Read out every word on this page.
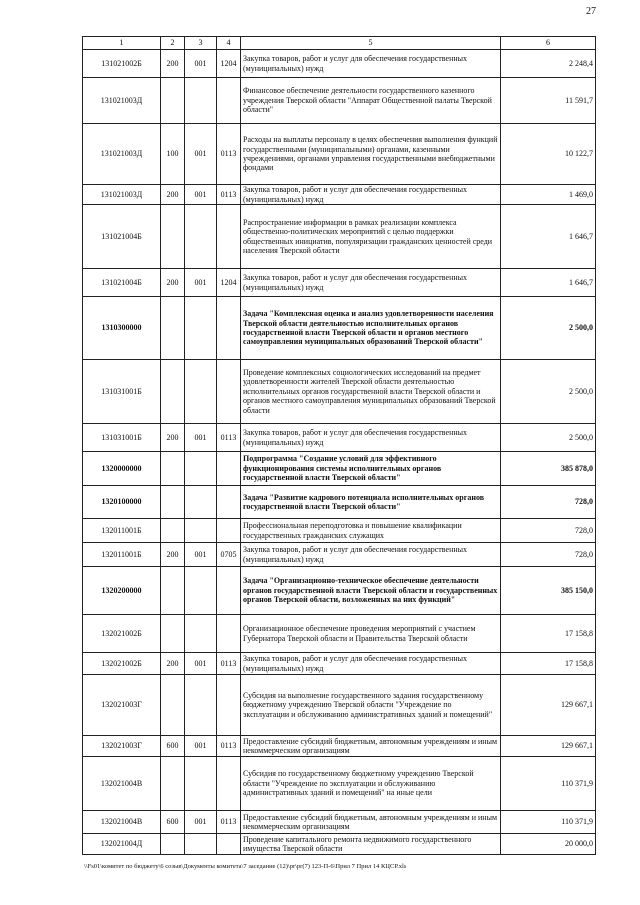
27
1	2	3	4	5	6
131021002Б	200	001	1204	Закупка товаров, работ и услуг для обеспечения государственных (муниципальных) нужд	2 248,4
131021003Д				Финансовое обеспечение деятельности государственного казенного учреждения Тверской области "Аппарат Общественной палаты Тверской области"	11 591,7
131021003Д	100	001	0113	Расходы на выплаты персоналу в целях обеспечения выполнения функций государственными (муниципальными) органами, казенными учреждениями, органами управления государственными внебюджетными фондами	10 122,7
131021003Д	200	001	0113	Закупка товаров, работ и услуг для обеспечения государственных (муниципальных) нужд	1 469,0
131021004Б				Распространение информации в рамках реализации комплекса общественно-политических мероприятий с целью поддержки общественных инициатив, популяризации гражданских ценностей среди населения Тверской области	1 646,7
131021004Б	200	001	1204	Закупка товаров, работ и услуг для обеспечения государственных (муниципальных) нужд	1 646,7
1310300000				Задача "Комплексная оценка и анализ удовлетворенности населения Тверской области деятельностью исполнительных органов государственной власти Тверской области и органов местного самоуправления муниципальных образований Тверской области"	2 500,0
131031001Б				Проведение комплексных социологических исследований на предмет удовлетворенности жителей Тверской области деятельностью исполнительных органов государственной власти Тверской области и органов местного самоуправления муниципальных образований Тверской области	2 500,0
131031001Б	200	001	0113	Закупка товаров, работ и услуг для обеспечения государственных (муниципальных) нужд	2 500,0
1320000000				Подпрограмма "Создание условий для эффективного функционирования системы исполнительных органов государственной власти Тверской области"	385 878,0
1320100000				Задача "Развитие кадрового потенциала исполнительных органов государственной власти Тверской области"	728,0
132011001Б				Профессиональная переподготовка и повышение квалификации государственных гражданских служащих	728,0
132011001Б	200	001	0705	Закупка товаров, работ и услуг для обеспечения государственных (муниципальных) нужд	728,0
1320200000				Задача "Организационно-техническое обеспечение деятельности органов государственной власти Тверской области и государственных органов Тверской области, возложенных на них функций"	385 150,0
132021002Б				Организационное обеспечение проведения мероприятий с участием Губернатора Тверской области и Правительства Тверской области	17 158,8
132021002Б	200	001	0113	Закупка товаров, работ и услуг для обеспечения государственных (муниципальных) нужд	17 158,8
132021003Г				Субсидия на выполнение государственного задания государственному бюджетному учреждению Тверской области "Учреждение по эксплуатации и обслуживанию административных зданий и помещений"	129 667,1
132021003Г	600	001	0113	Предоставление субсидий бюджетным, автономным учреждениям и иным некоммерческим организациям	129 667,1
132021004В				Субсидия по государственному бюджетному учреждению Тверской области "Учреждение по эксплуатации и обслуживанию административных зданий и помещений" на иные цели	110 371,9
132021004В	600	001	0113	Предоставление субсидий бюджетным, автономным учреждениям и иным некоммерческим организациям	110 371,9
132021004Д				Проведение капитального ремонта недвижимого государственного имущества Тверской области	20 000,0
\\Fs01\комитет по бюджету\6 созыв\Документы комитета\7 заседание (12)\pr\pr(7) 123-П-6\Прил 7 Прил 14 КЦСР.xls
